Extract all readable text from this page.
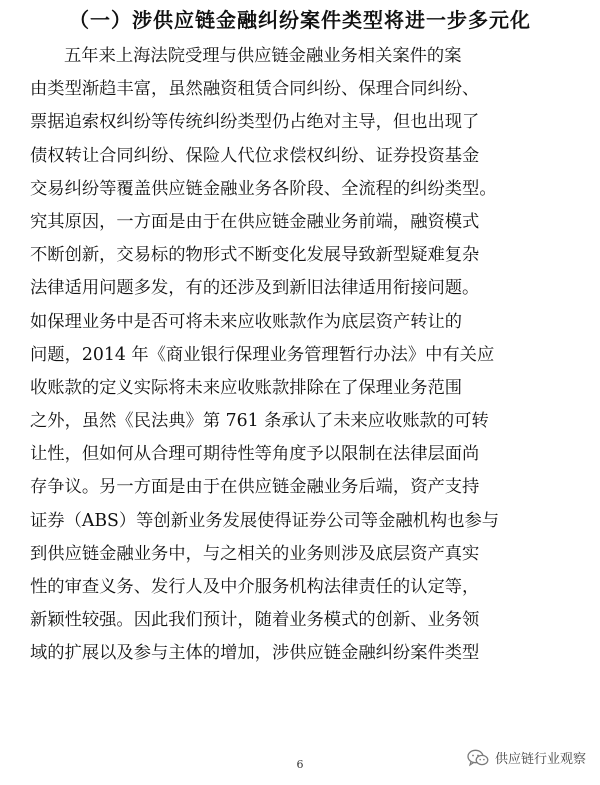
（一）涉供应链金融纠纷案件类型将进一步多元化
五年来上海法院受理与供应链金融业务相关案件的案
由类型渐趋丰富，虽然融资租赁合同纠纷、保理合同纠纷、
票据追索权纠纷等传统纠纷类型仍占绝对主导，但也出现了
债权转让合同纠纷、保险人代位求偿权纠纷、证券投资基金
交易纠纷等覆盖供应链金融业务各阶段、全流程的纠纷类型。
究其原因，一方面是由于在供应链金融业务前端，融资模式
不断创新，交易标的物形式不断变化发展导致新型疑难复杂
法律适用问题多发，有的还涉及到新旧法律适用衔接问题。
如保理业务中是否可将未来应收账款作为底层资产转让的
问题，2014 年《商业银行保理业务管理暂行办法》中有关应
收账款的定义实际将未来应收账款排除在了保理业务范围
之外，虽然《民法典》第 761 条承认了未来应收账款的可转
让性，但如何从合理可期待性等角度予以限制在法律层面尚
存争议。另一方面是由于在供应链金融业务后端，资产支持
证券（ABS）等创新业务发展使得证券公司等金融机构也参与
到供应链金融业务中，与之相关的业务则涉及底层资产真实
性的审查义务、发行人及中介服务机构法律责任的认定等，
新颖性较强。因此我们预计，随着业务模式的创新、业务领
域的扩展以及参与主体的增加，涉供应链金融纠纷案件类型
6	供应链行业观察
